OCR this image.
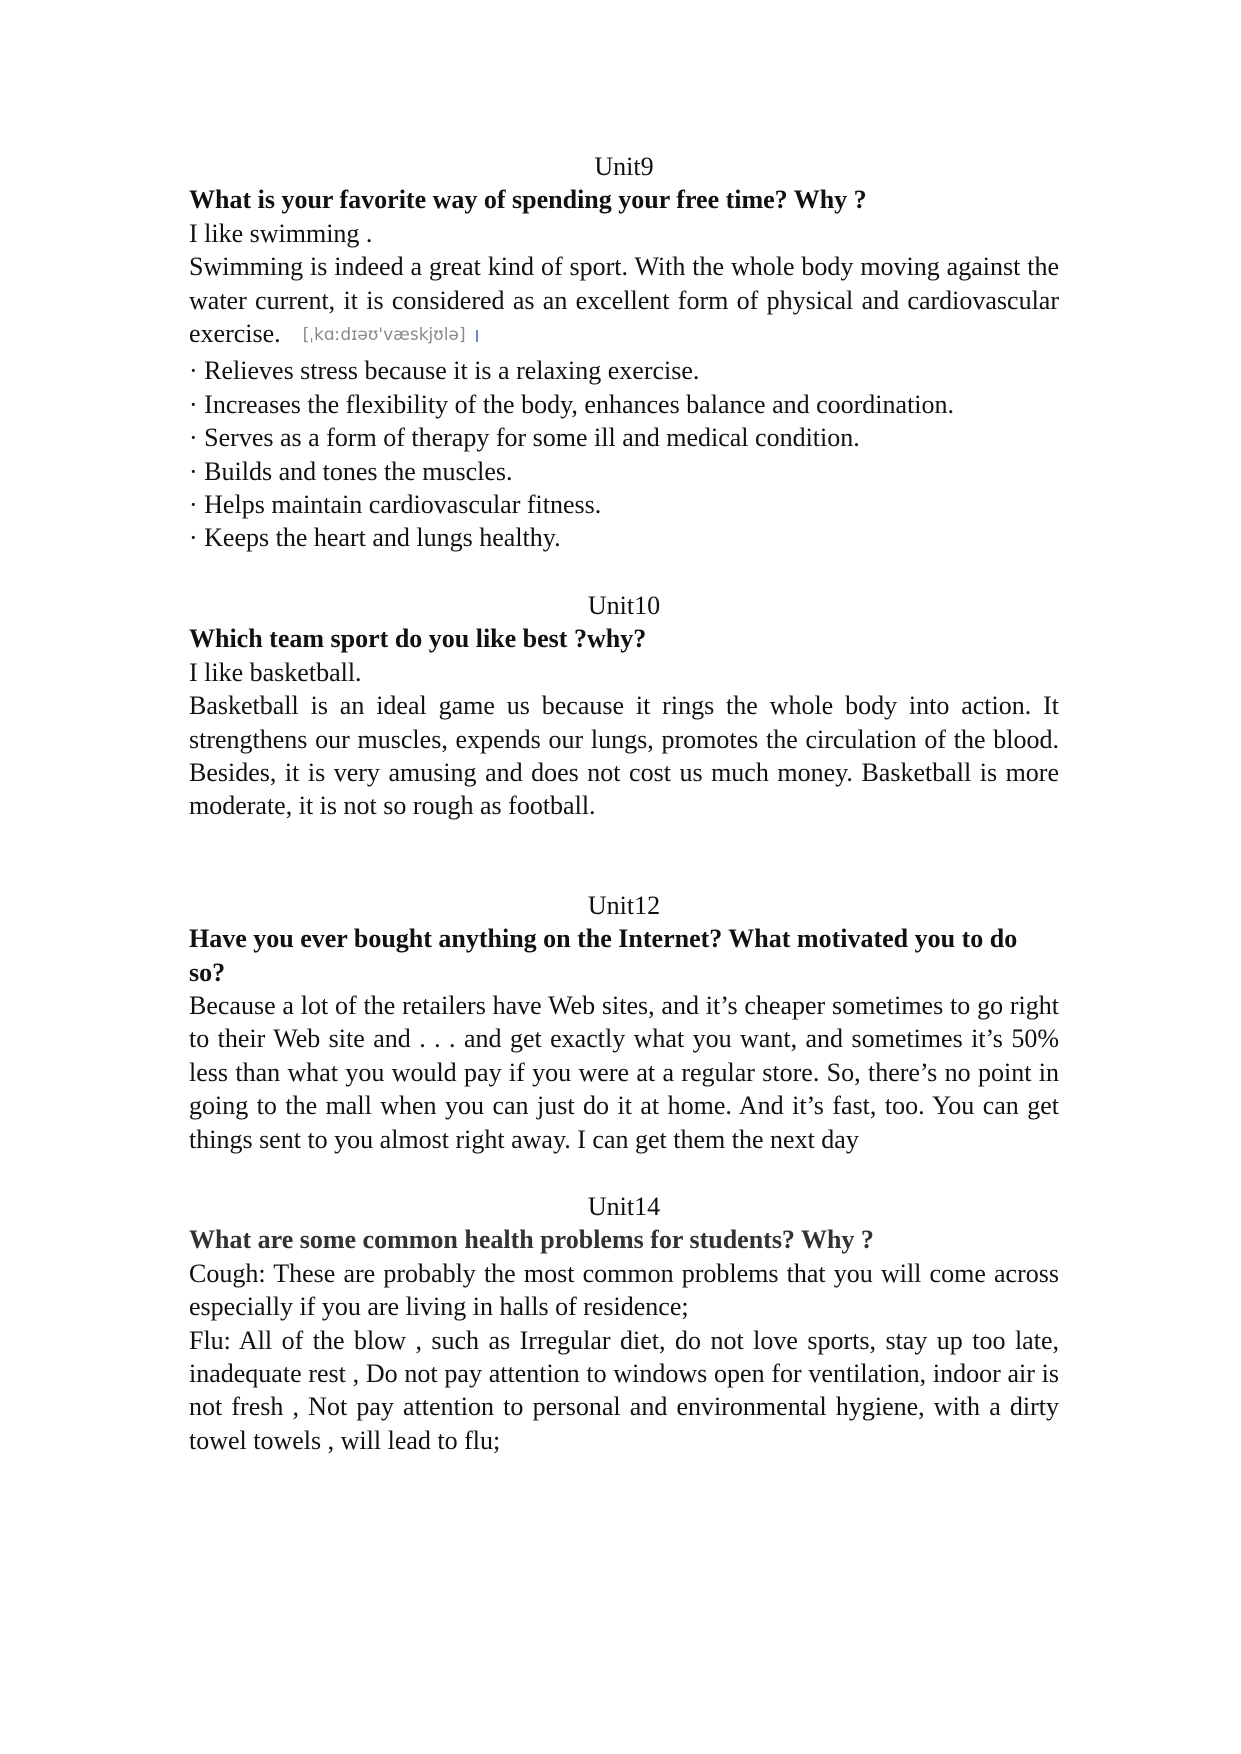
Unit9

What is your favorite way of spending your free time? Why ?

I like swimming .

Swimming is indeed a great kind of sport. With the whole body moving against the water current, it is considered as an excellent form of physical and cardiovascular exercise. [ˌkɑːdɪəʊ'væskjʊlə]

· Relieves stress because it is a relaxing exercise.
· Increases the flexibility of the body, enhances balance and coordination.
· Serves as a form of therapy for some ill and medical condition.
· Builds and tones the muscles.
· Helps maintain cardiovascular fitness.
· Keeps the heart and lungs healthy.

Unit10

Which team sport do you like best ?why?

I like basketball.

Basketball is an ideal game us because it rings the whole body into action. It strengthens our muscles, expends our lungs, promotes the circulation of the blood. Besides, it is very amusing and does not cost us much money. Basketball is more moderate, it is not so rough as football.

Unit12

Have you ever bought anything on the Internet? What motivated you to do so?

Because a lot of the retailers have Web sites, and it’s cheaper sometimes to go right to their Web site and . . . and get exactly what you want, and sometimes it’s 50% less than what you would pay if you were at a regular store. So, there’s no point in going to the mall when you can just do it at home. And it’s fast, too. You can get things sent to you almost right away. I can get them the next day

Unit14

What are some common health problems for students? Why ?

Cough: These are probably the most common problems that you will come across especially if you are living in halls of residence;

Flu: All of the blow , such as Irregular diet, do not love sports, stay up too late, inadequate rest , Do not pay attention to windows open for ventilation, indoor air is not fresh , Not pay attention to personal and environmental hygiene, with a dirty towel towels , will lead to flu;
